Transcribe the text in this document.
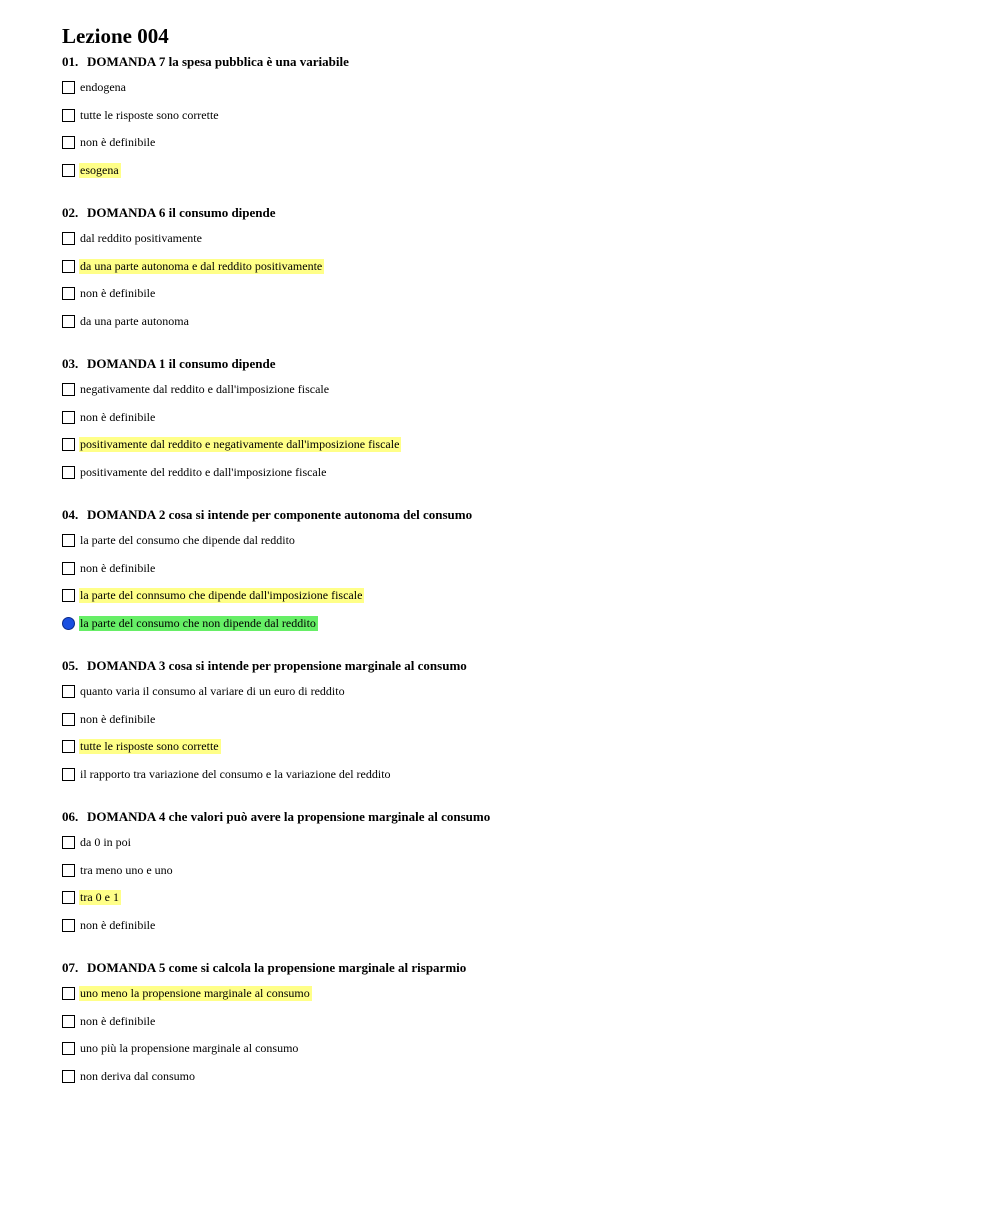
Lezione 004
01. DOMANDA 7 la spesa pubblica è una variabile
endogena
tutte le risposte sono corrette
non è definibile
esogena
02. DOMANDA 6 il consumo dipende
dal reddito positivamente
da una parte autonoma e dal reddito positivamente
non è definibile
da una parte autonoma
03. DOMANDA 1 il consumo dipende
negativamente dal reddito e dall'imposizione fiscale
non è definibile
positivamente dal reddito e negativamente dall'imposizione fiscale
positivamente del reddito e dall'imposizione fiscale
04. DOMANDA 2 cosa si intende per componente autonoma del consumo
la parte del consumo che dipende dal reddito
non è definibile
la parte del connsumo che dipende dall'imposizione fiscale
la parte del consumo che non dipende dal reddito
05. DOMANDA 3 cosa si intende per propensione marginale al consumo
quanto varia il consumo al variare di un euro di reddito
non è definibile
tutte le risposte sono corrette
il rapporto tra variazione del consumo e la variazione del reddito
06. DOMANDA 4 che valori può avere la propensione marginale al consumo
da 0 in poi
tra meno uno e uno
tra 0 e 1
non è definibile
07. DOMANDA 5 come si calcola la propensione marginale al risparmio
uno meno la propensione marginale al consumo
non è definibile
uno più la propensione marginale al consumo
non deriva dal consumo
